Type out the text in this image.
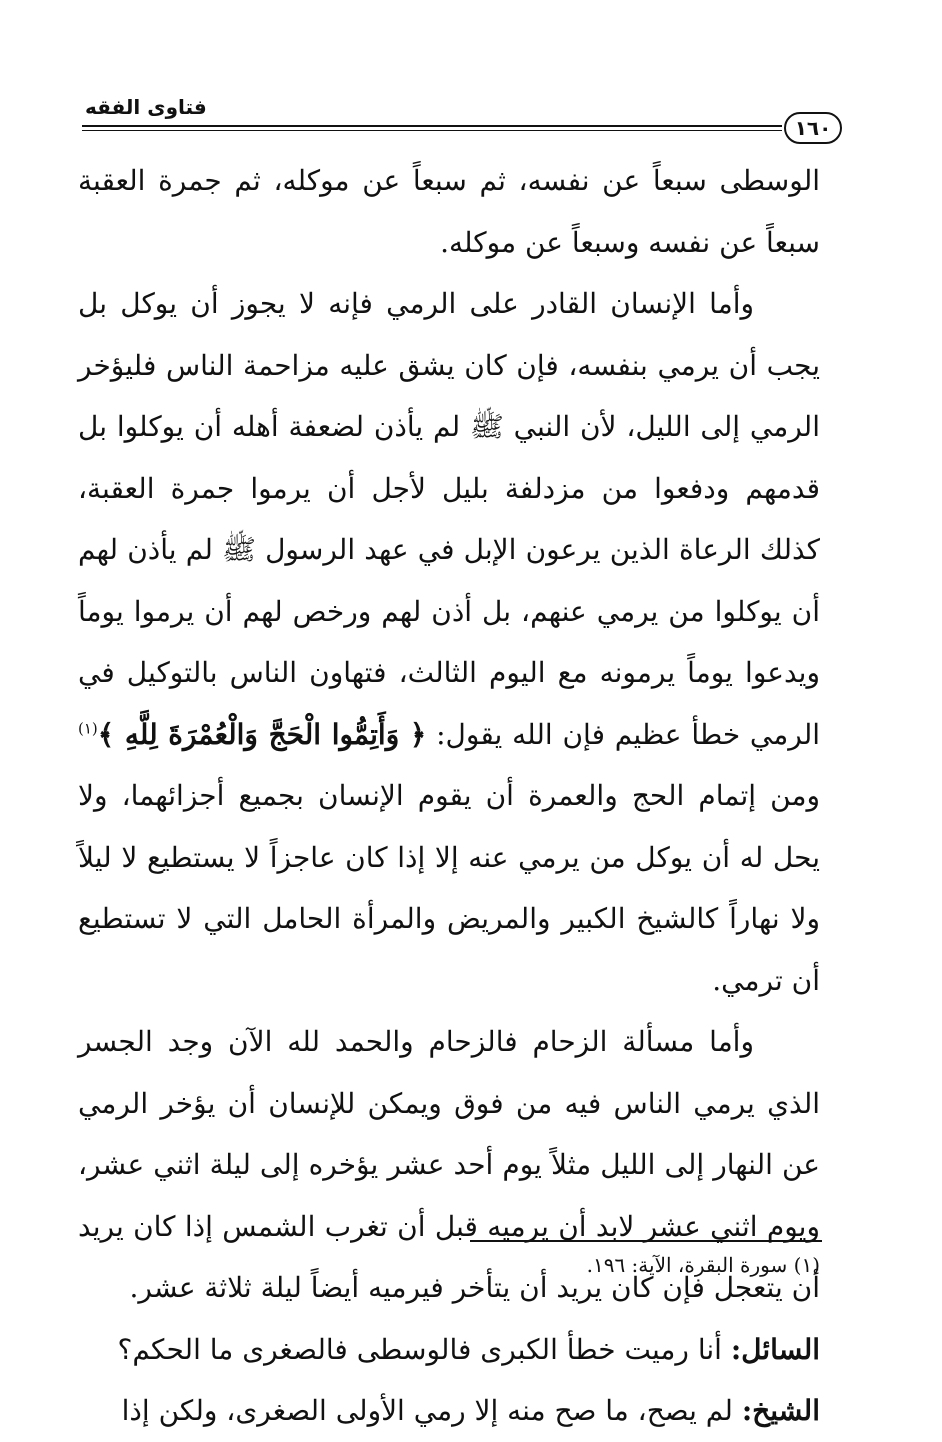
فتاوى الفقه
١٦٠

الوسطى سبعاً عن نفسه، ثم سبعاً عن موكله، ثم جمرة العقبة سبعاً عن نفسه وسبعاً عن موكله.

وأما الإنسان القادر على الرمي فإنه لا يجوز أن يوكل بل يجب أن يرمي بنفسه، فإن كان يشق عليه مزاحمة الناس فليؤخر الرمي إلى الليل، لأن النبي ﷺ لم يأذن لضعفة أهله أن يوكلوا بل قدمهم ودفعوا من مزدلفة بليل لأجل أن يرموا جمرة العقبة، كذلك الرعاة الذين يرعون الإبل في عهد الرسول ﷺ لم يأذن لهم أن يوكلوا من يرمي عنهم، بل أذن لهم ورخص لهم أن يرموا يوماً ويدعوا يوماً يرمونه مع اليوم الثالث، فتهاون الناس بالتوكيل في الرمي خطأ عظيم فإن الله يقول: ﴿ وَأَتِمُّوا الْحَجَّ وَالْعُمْرَةَ لِلَّهِ ﴾$^{(١)}$ ومن إتمام الحج والعمرة أن يقوم الإنسان بجميع أجزائهما، ولا يحل له أن يوكل من يرمي عنه إلا إذا كان عاجزاً لا يستطيع لا ليلاً ولا نهاراً كالشيخ الكبير والمريض والمرأة الحامل التي لا تستطيع أن ترمي.

وأما مسألة الزحام فالزحام والحمد لله الآن وجد الجسر الذي يرمي الناس فيه من فوق ويمكن للإنسان أن يؤخر الرمي عن النهار إلى الليل مثلاً يوم أحد عشر يؤخره إلى ليلة اثني عشر، ويوم اثني عشر لابد أن يرميه قبل أن تغرب الشمس إذا كان يريد أن يتعجل فإن كان يريد أن يتأخر فيرميه أيضاً ليلة ثلاثة عشر.

السائل: أنا رميت خطأ الكبرى فالوسطى فالصغرى ما الحكم؟

الشيخ: لم يصح، ما صح منه إلا رمي الأولى الصغرى، ولكن إذا

(١) سورة البقرة، الآية: ١٩٦.
